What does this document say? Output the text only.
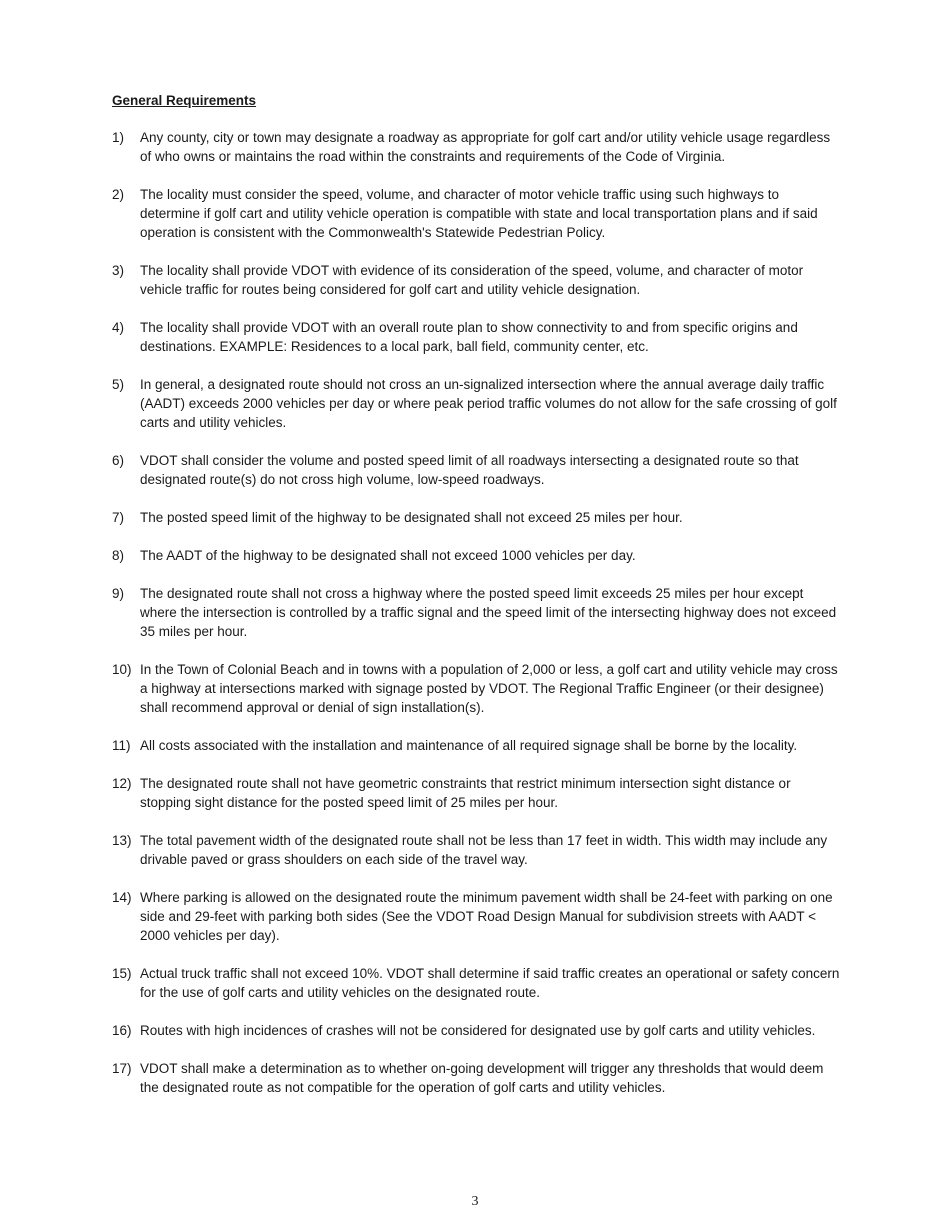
General Requirements
1)	Any county, city or town may designate a roadway as appropriate for golf cart and/or utility vehicle usage regardless of who owns or maintains the road within the constraints and requirements of the Code of Virginia.
2)	The locality must consider the speed, volume, and character of motor vehicle traffic using such highways to determine if golf cart and utility vehicle operation is compatible with state and local transportation plans and if said operation is consistent with the Commonwealth's Statewide Pedestrian Policy.
3)	The locality shall provide VDOT with evidence of its consideration of the speed, volume, and character of motor vehicle traffic for routes being considered for golf cart and utility vehicle designation.
4)	The locality shall provide VDOT with an overall route plan to show connectivity to and from specific origins and destinations. EXAMPLE: Residences to a local park, ball field, community center, etc.
5)	In general, a designated route should not cross an un-signalized intersection where the annual average daily traffic (AADT) exceeds 2000 vehicles per day or where peak period traffic volumes do not allow for the safe crossing of golf carts and utility vehicles.
6)	VDOT shall consider the volume and posted speed limit of all roadways intersecting a designated route so that designated route(s) do not cross high volume, low-speed roadways.
7)	The posted speed limit of the highway to be designated shall not exceed 25 miles per hour.
8)	The AADT of the highway to be designated shall not exceed 1000 vehicles per day.
9)	The designated route shall not cross a highway where the posted speed limit exceeds 25 miles per hour except where the intersection is controlled by a traffic signal and the speed limit of the intersecting highway does not exceed 35 miles per hour.
10) In the Town of Colonial Beach and in towns with a population of 2,000 or less, a golf cart and utility vehicle may cross a highway at intersections marked with signage posted by VDOT. The Regional Traffic Engineer (or their designee) shall recommend approval or denial of sign installation(s).
11) All costs associated with the installation and maintenance of all required signage shall be borne by the locality.
12) The designated route shall not have geometric constraints that restrict minimum intersection sight distance or stopping sight distance for the posted speed limit of 25 miles per hour.
13) The total pavement width of the designated route shall not be less than 17 feet in width. This width may include any drivable paved or grass shoulders on each side of the travel way.
14) Where parking is allowed on the designated route the minimum pavement width shall be 24-feet with parking on one side and 29-feet with parking both sides (See the VDOT Road Design Manual for subdivision streets with AADT < 2000 vehicles per day).
15) Actual truck traffic shall not exceed 10%. VDOT shall determine if said traffic creates an operational or safety concern for the use of golf carts and utility vehicles on the designated route.
16) Routes with high incidences of crashes will not be considered for designated use by golf carts and utility vehicles.
17) VDOT shall make a determination as to whether on-going development will trigger any thresholds that would deem the designated route as not compatible for the operation of golf carts and utility vehicles.
3
